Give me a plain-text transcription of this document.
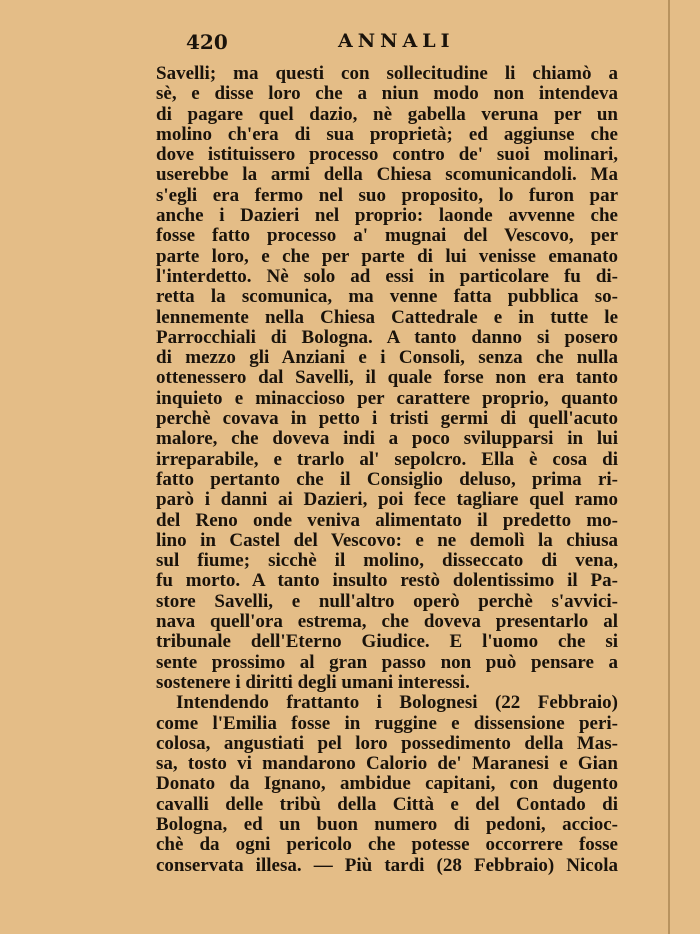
420	ANNALI
Savelli; ma questi con sollecitudine li chiamò a
sè, e disse loro che a niun modo non intendeva
di pagare quel dazio, nè gabella veruna per un
molino ch'era di sua proprietà; ed aggiunse che
dove istituissero processo contro de' suoi molinari,
userebbe la armi della Chiesa scomunicandoli. Ma
s'egli era fermo nel suo proposito, lo furon par
anche i Dazieri nel proprio: laonde avvenne che
fosse fatto processo a' mugnai del Vescovo, per
parte loro, e che per parte di lui venisse emanato
l'interdetto. Nè solo ad essi in particolare fu di-
retta la scomunica, ma venne fatta pubblica so-
lennemente nella Chiesa Cattedrale e in tutte le
Parrocchiali di Bologna. A tanto danno si posero
di mezzo gli Anziani e i Consoli, senza che nulla
ottenessero dal Savelli, il quale forse non era tanto
inquieto e minaccioso per carattere proprio, quanto
perchè covava in petto i tristi germi di quell'acuto
malore, che doveva indi a poco svilupparsi in lui
irreparabile, e trarlo al' sepolcro. Ella è cosa di
fatto pertanto che il Consiglio deluso, prima ri-
parò i danni ai Dazieri, poi fece tagliare quel ramo
del Reno onde veniva alimentato il predetto mo-
lino in Castel del Vescovo: e ne demolì la chiusa
sul fiume; sicchè il molino, disseccato di vena,
fu morto. A tanto insulto restò dolentissimo il Pa-
store Savelli, e null'altro operò perchè s'avvici-
nava quell'ora estrema, che doveva presentarlo al
tribunale dell'Eterno Giudice. E l'uomo che si
sente prossimo al gran passo non può pensare a
sostenere i diritti degli umani interessi.
Intendendo frattanto i Bolognesi (22 Febbraio)
come l'Emilia fosse in ruggine e dissensione peri-
colosa, angustiati pel loro possedimento della Mas-
sa, tosto vi mandarono Calorio de' Maranesi e Gian
Donato da Ignano, ambidue capitani, con dugento
cavalli delle tribù della Città e del Contado di
Bologna, ed un buon numero di pedoni, accioc-
chè da ogni pericolo che potesse occorrere fosse
conservata illesa. — Più tardi (28 Febbraio) Nicola
